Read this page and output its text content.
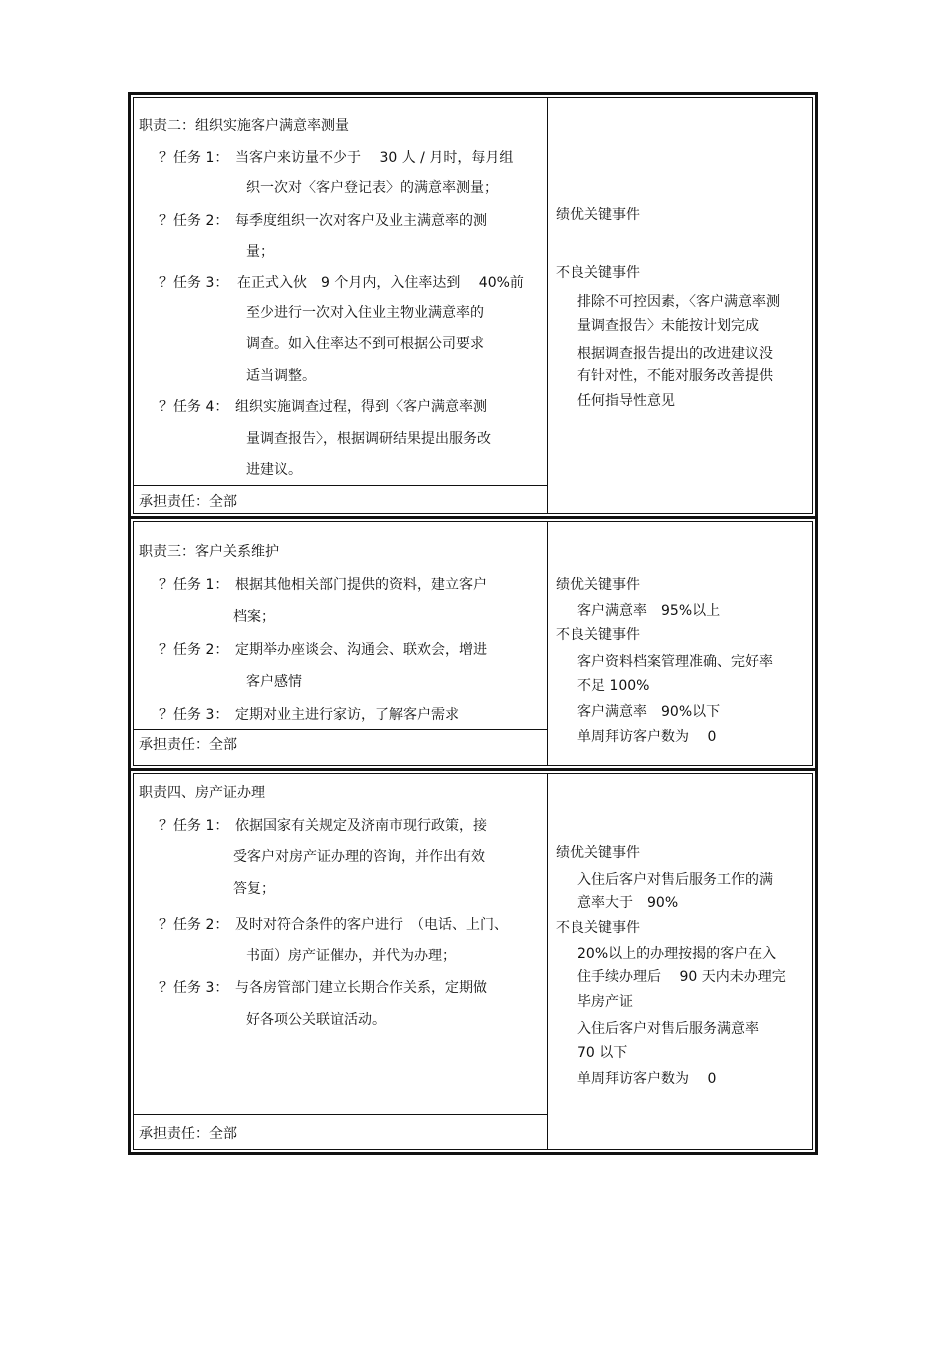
职责二：组织实施客户满意率测量
？任务 1： 当客户来访量不少于　 30 人 / 月时，每月组
织一次对〈客户登记表〉的满意率测量；
？任务 2： 每季度组织一次对客户及业主满意率的测
量；
？任务 3： 在正式入伙　9 个月内，入住率达到　 40%前
至少进行一次对入住业主物业满意率的
调查。如入住率达不到可根据公司要求
适当调整。
？任务 4： 组织实施调查过程，得到〈客户满意率测
量调查报告〉，根据调研结果提出服务改
进建议。
承担责任：全部
绩优关键事件
不良关键事件
排除不可控因素，〈客户满意率测
量调查报告〉未能按计划完成
根据调查报告提出的改进建议没
有针对性，不能对服务改善提供
任何指导性意见
职责三：客户关系维护
？任务 1： 根据其他相关部门提供的资料，建立客户
档案；
？任务 2： 定期举办座谈会、沟通会、联欢会，增进
客户感情
？任务 3： 定期对业主进行家访，了解客户需求
承担责任：全部
绩优关键事件
客户满意率　95%以上
不良关键事件
客户资料档案管理准确、完好率
不足 100%
客户满意率　90%以下
单周拜访客户数为　 0
职责四、房产证办理
？任务 1： 依据国家有关规定及济南市现行政策，接
受客户对房产证办理的咨询，并作出有效
答复；
？任务 2： 及时对符合条件的客户进行　（电话、上门、
书面）房产证催办，并代为办理；
？任务 3： 与各房管部门建立长期合作关系，定期做
好各项公关联谊活动。
承担责任：全部
绩优关键事件
入住后客户对售后服务工作的满
意率大于　90%
不良关键事件
20%以上的办理按揭的客户在入
住手续办理后　 90 天内未办理完
毕房产证
入住后客户对售后服务满意率
70 以下
单周拜访客户数为　 0
